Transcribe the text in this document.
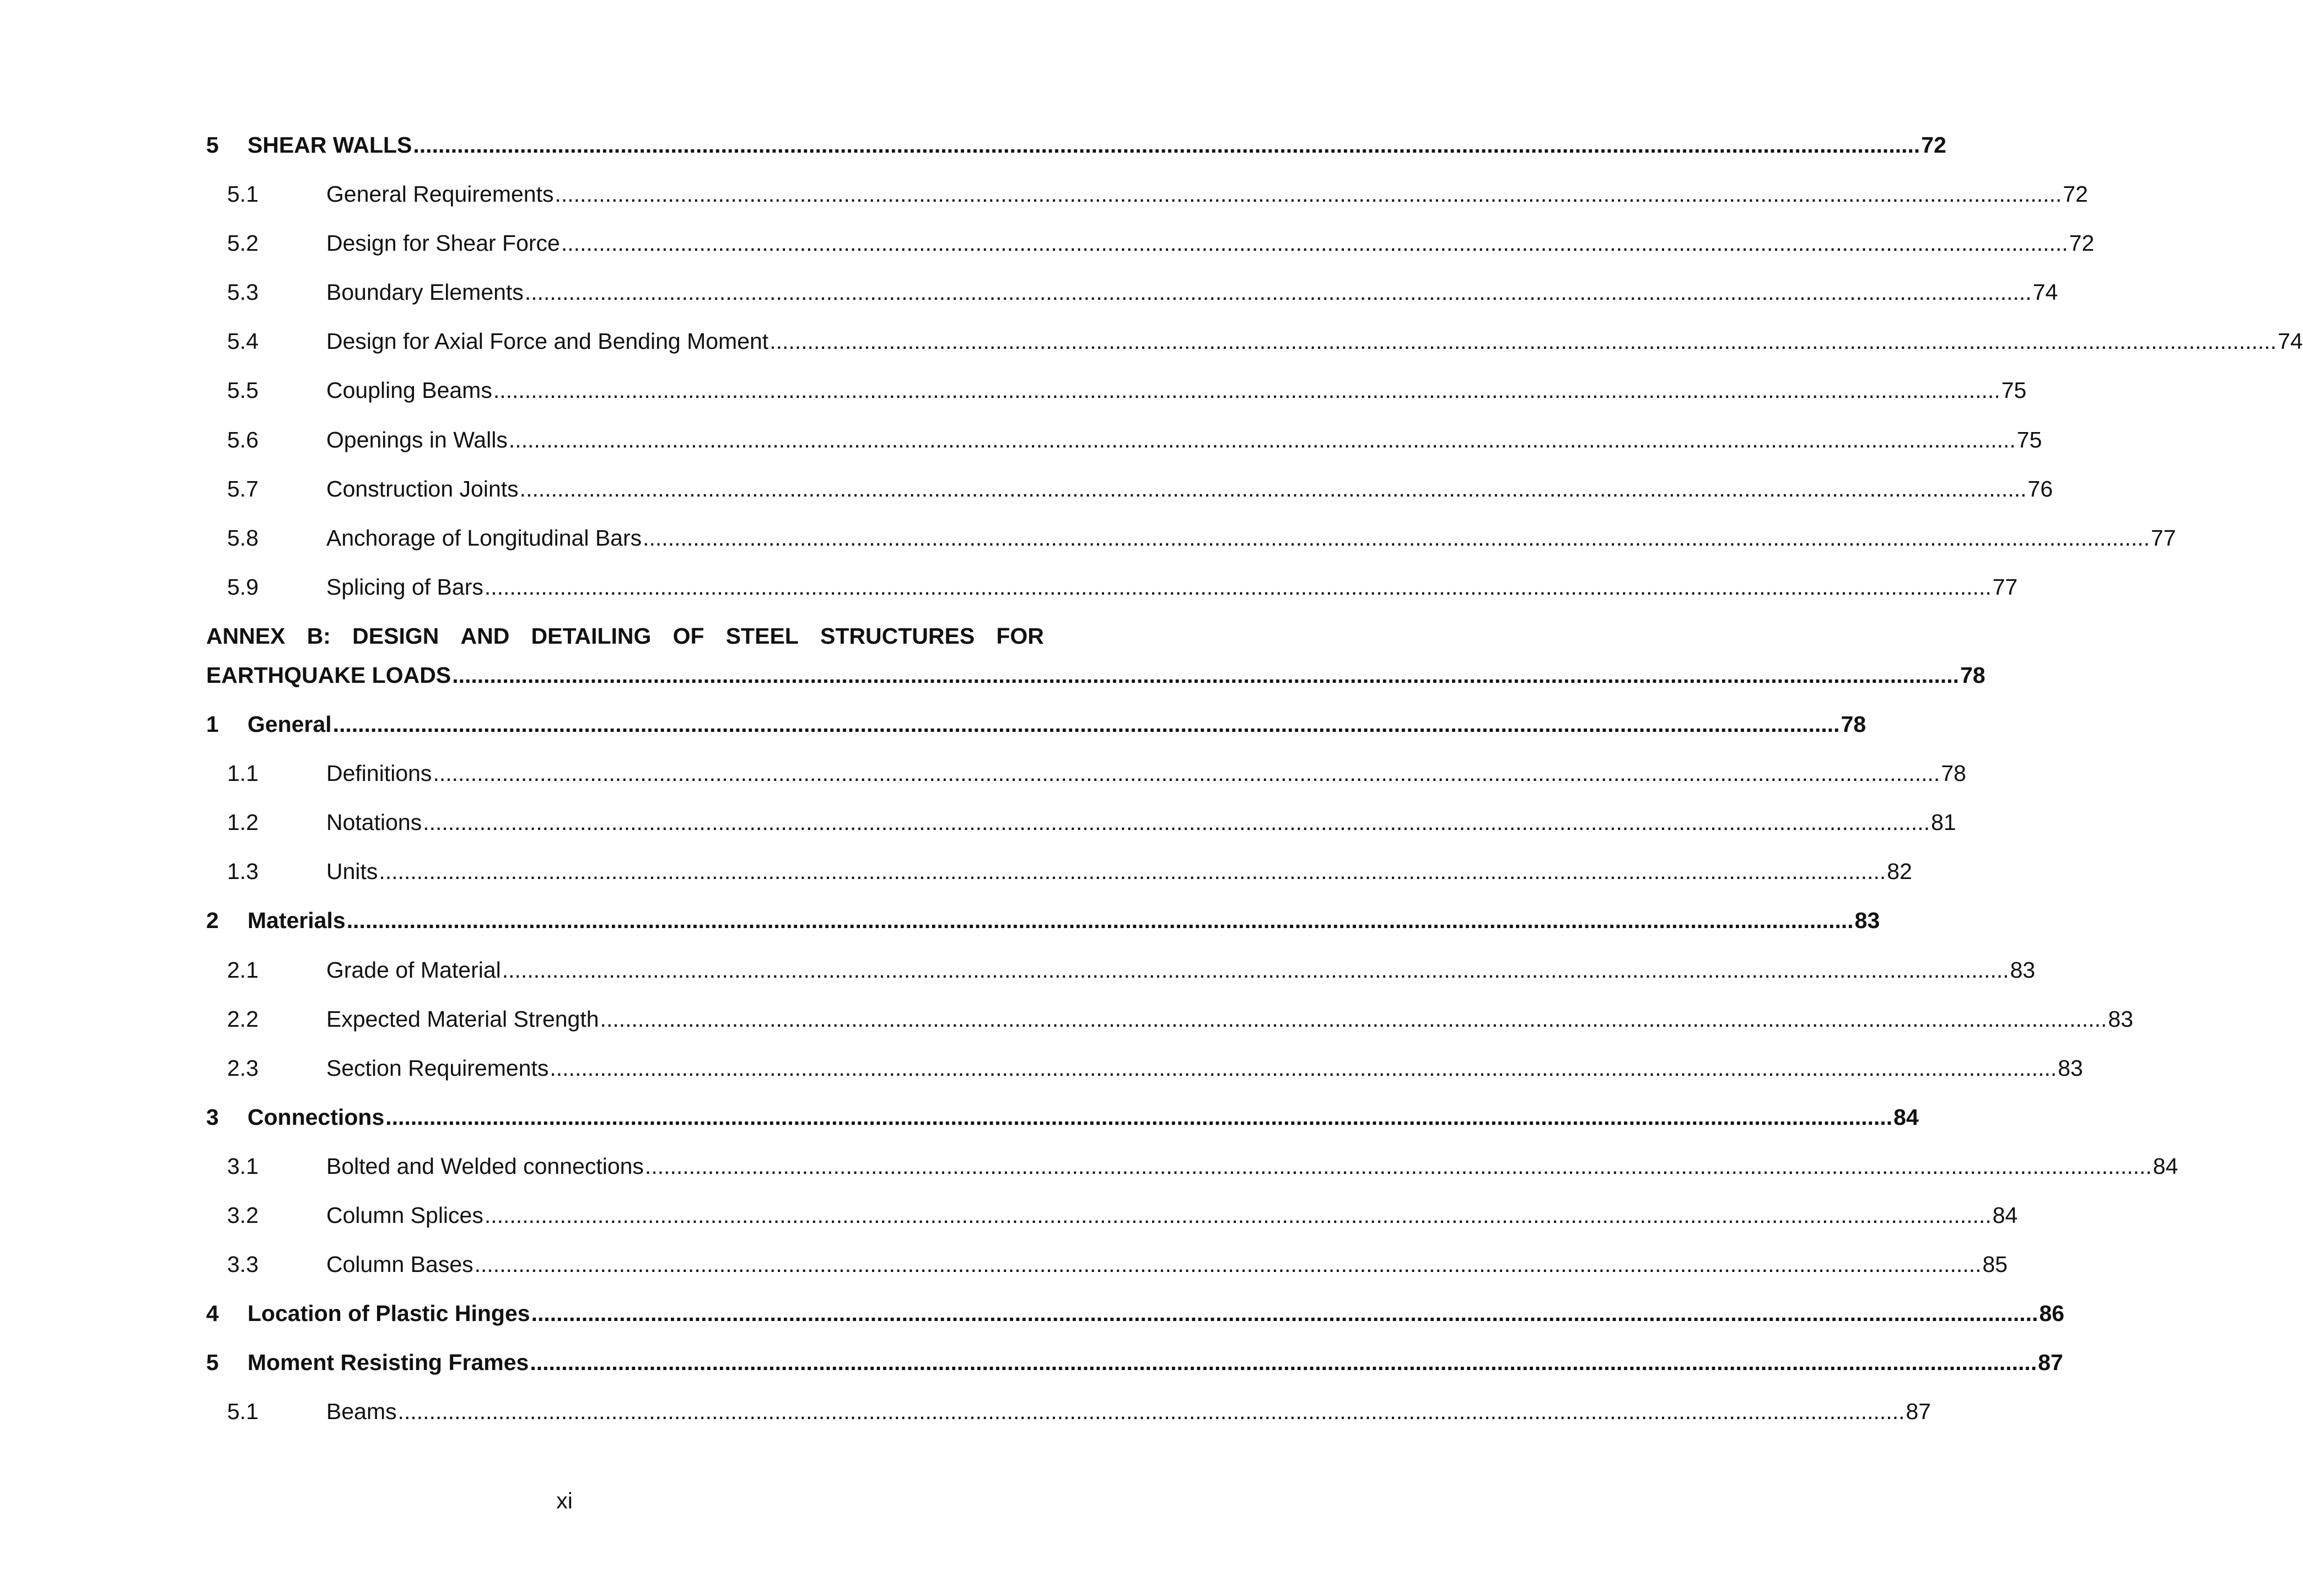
5	SHEAR WALLS .....	72
5.1	General Requirements .....	72
5.2	Design for Shear Force .....	72
5.3	Boundary Elements .....	74
5.4	Design for Axial Force and Bending Moment .....	74
5.5	Coupling Beams .....	75
5.6	Openings in Walls .....	75
5.7	Construction Joints .....	76
5.8	Anchorage of Longitudinal Bars .....	77
5.9	Splicing of Bars .....	77
ANNEX B: DESIGN AND DETAILING OF STEEL STRUCTURES FOR
EARTHQUAKE LOADS .....	78
1	General .....	78
1.1	Definitions .....	78
1.2	Notations .....	81
1.3	Units .....	82
2	Materials .....	83
2.1	Grade of Material .....	83
2.2	Expected Material Strength .....	83
2.3	Section Requirements .....	83
3	Connections .....	84
3.1	Bolted and Welded connections .....	84
3.2	Column Splices .....	84
3.3	Column Bases .....	85
4	Location of Plastic Hinges .....	86
5	Moment Resisting Frames .....	87
5.1	Beams .....	87
xi
